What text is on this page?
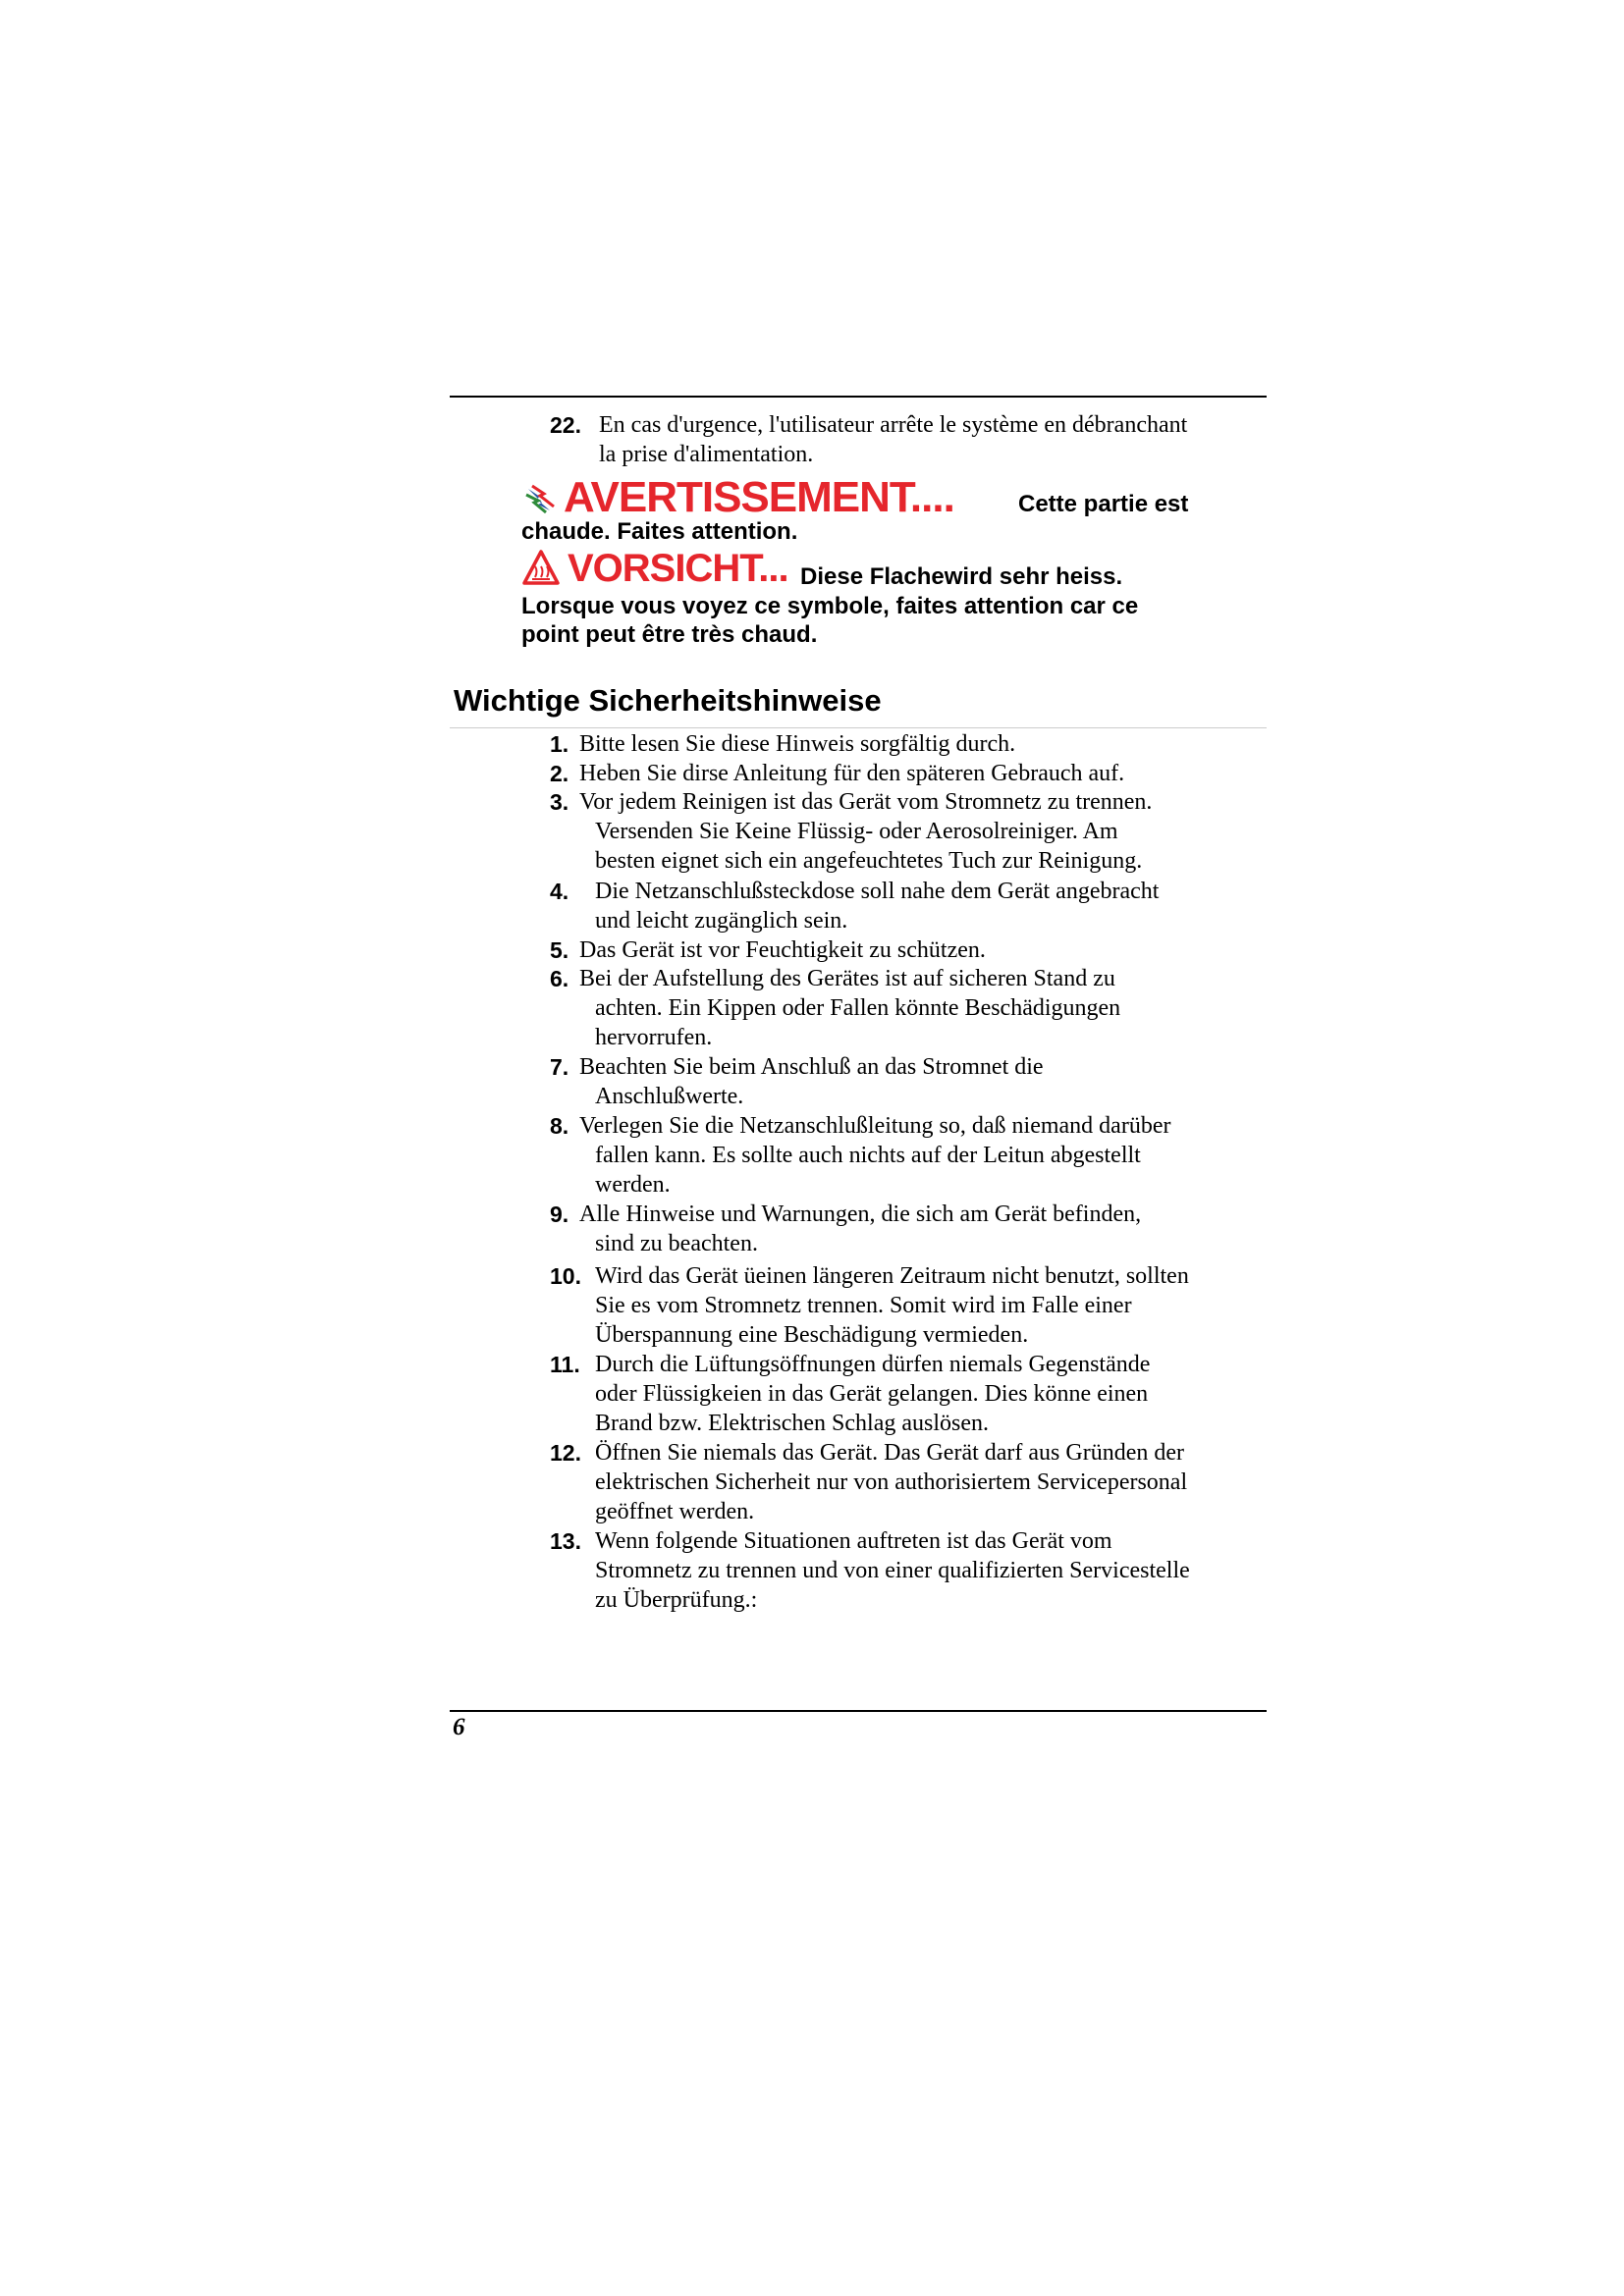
22. En cas d'urgence, l'utilisateur arrête le système en débranchant
la prise d'alimentation.
AVERTISSEMENT....	Cette partie est
chaude. Faites attention.
VORSICHT... Diese Flachewird sehr heiss.
Lorsque vous voyez ce symbole, faites attention car ce
point peut être très chaud.
Wichtige Sicherheitshinweise
1. Bitte lesen Sie diese Hinweis sorgfältig durch.
2. Heben Sie dirse Anleitung für den späteren Gebrauch auf.
3. Vor jedem Reinigen ist das Gerät vom Stromnetz zu trennen.
Versenden Sie Keine Flüssig- oder Aerosolreiniger. Am
besten eignet sich ein angefeuchtetes Tuch zur Reinigung.
4.	Die Netzanschlußsteckdose soll nahe dem Gerät angebracht
und leicht zugänglich sein.
5. Das Gerät ist vor Feuchtigkeit zu schützen.
6. Bei der Aufstellung des Gerätes ist auf sicheren Stand zu
achten. Ein Kippen oder Fallen könnte Beschädigungen
hervorrufen.
7. Beachten Sie beim Anschluß an das Stromnet die
Anschlußwerte.
8. Verlegen Sie die Netzanschlußleitung so, daß niemand darüber
fallen kann. Es sollte auch nichts auf der Leitun abgestellt
werden.
9. Alle Hinweise und Warnungen, die sich am Gerät befinden,
sind zu beachten.
10. Wird das Gerät üeinen längeren Zeitraum nicht benutzt, sollten
Sie es vom Stromnetz trennen. Somit wird im Falle einer
Überspannung eine Beschädigung vermieden.
11. Durch die Lüftungsöffnungen dürfen niemals Gegenstände
oder Flüssigkeien in das Gerät gelangen. Dies könne einen
Brand bzw. Elektrischen Schlag auslösen.
12. Öffnen Sie niemals das Gerät. Das Gerät darf aus Gründen der
elektrischen Sicherheit nur von authorisiertem Servicepersonal
geöffnet werden.
13. Wenn folgende Situationen auftreten ist das Gerät vom
Stromnetz zu trennen und von einer qualifizierten Servicestelle
zu Überprüfung.:
6
